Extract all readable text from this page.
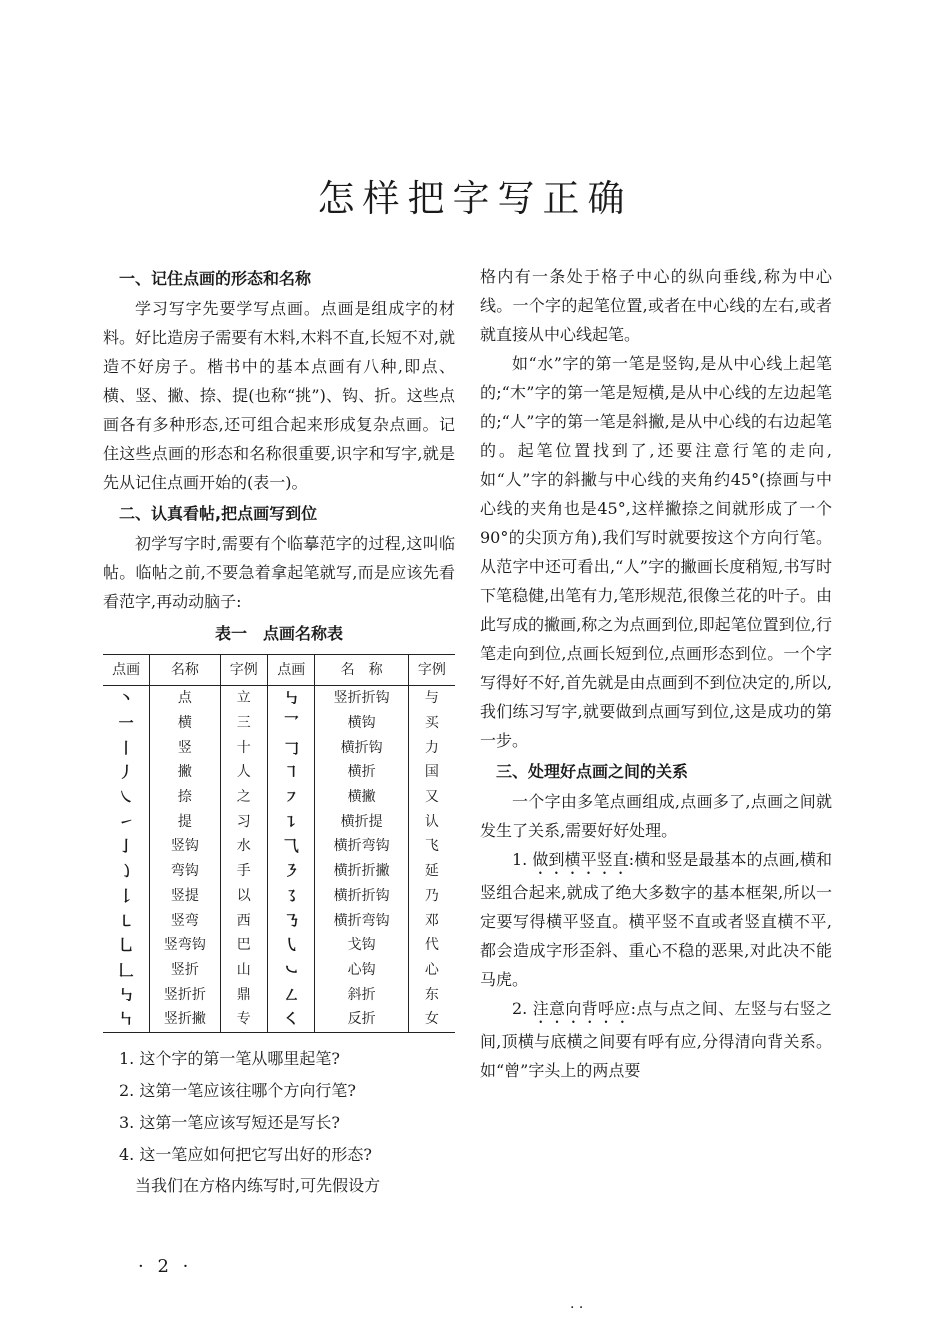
怎样把字写正确
一、记住点画的形态和名称

学习写字先要学写点画。点画是组成字的材料。好比造房子需要有木料,木料不直,长短不对,就造不好房子。楷书中的基本点画有八种,即点、横、竖、撇、捺、提(也称“挑”)、钩、折。这些点画各有多种形态,还可组合起来形成复杂点画。记住这些点画的形态和名称很重要,识字和写字,就是先从记住点画开始的(表一)。

二、认真看帖,把点画写到位

初学写字时,需要有个临摹范字的过程,这叫临帖。临帖之前,不要急着拿起笔就写,而是应该先看看范字,再动动脑子:

表一　点画名称表
点画	名称	字例	点画	名　称	字例
丶	点	立	㇉	竖折折钩	与
一	横	三	乛	横钩	买
丨	竖	十	𠃌	横折钩	力
丿	撇	人	㇕	横折	国
㇏	捺	之	㇇	横撇	又
㇀	提	习	㇊	横折提	认
亅	竖钩	水	⺄	横折弯钩	飞
㇁	弯钩	手	㇋	横折折撇	延
𠄌	竖提	以	㇌	横折折钩	乃
㇄	竖弯	西	㇡	横折弯钩	邓
乚	竖弯钩	巴	㇂	戈钩	代
𠃊	竖折	山	㇃	心钩	心
㇉	竖折折	鼎	㇜	斜折	东
㇞	竖折撇	专	㇛	反折	女

1. 这个字的第一笔从哪里起笔?

2. 这第一笔应该往哪个方向行笔?

3. 这第一笔应该写短还是写长?

4. 这一笔应如何把它写出好的形态?

当我们在方格内练写时,可先假设方

格内有一条处于格子中心的纵向垂线,称为中心线。一个字的起笔位置,或者在中心线的左右,或者就直接从中心线起笔。

如“水”字的第一笔是竖钩,是从中心线上起笔的;“木”字的第一笔是短横,是从中心线的左边起笔的;“人”字的第一笔是斜撇,是从中心线的右边起笔的。起笔位置找到了,还要注意行笔的走向,如“人”字的斜撇与中心线的夹角约45°(捺画与中心线的夹角也是45°,这样撇捺之间就形成了一个90°的尖顶方角),我们写时就要按这个方向行笔。从范字中还可看出,“人”字的撇画长度稍短,书写时下笔稳健,出笔有力,笔形规范,很像兰花的叶子。由此写成的撇画,称之为点画到位,即起笔位置到位,行笔走向到位,点画长短到位,点画形态到位。一个字写得好不好,首先就是由点画到不到位决定的,所以,我们练习写字,就要做到点画写到位,这是成功的第一步。

三、处理好点画之间的关系

一个字由多笔点画组成,点画多了,点画之间就发生了关系,需要好好处理。

1. 做到横平竖直:横和竖是最基本的点画,横和竖组合起来,就成了绝大多数字的基本框架,所以一定要写得横平竖直。横平竖不直或者竖直横不平,都会造成字形歪斜、重心不稳的恶果,对此决不能马虎。

2. 注意向背呼应:点与点之间、左竖与右竖之间,顶横与底横之间要有呼有应,分得清向背关系。如“曾”字头上的两点要

· 2 ·
· ·
